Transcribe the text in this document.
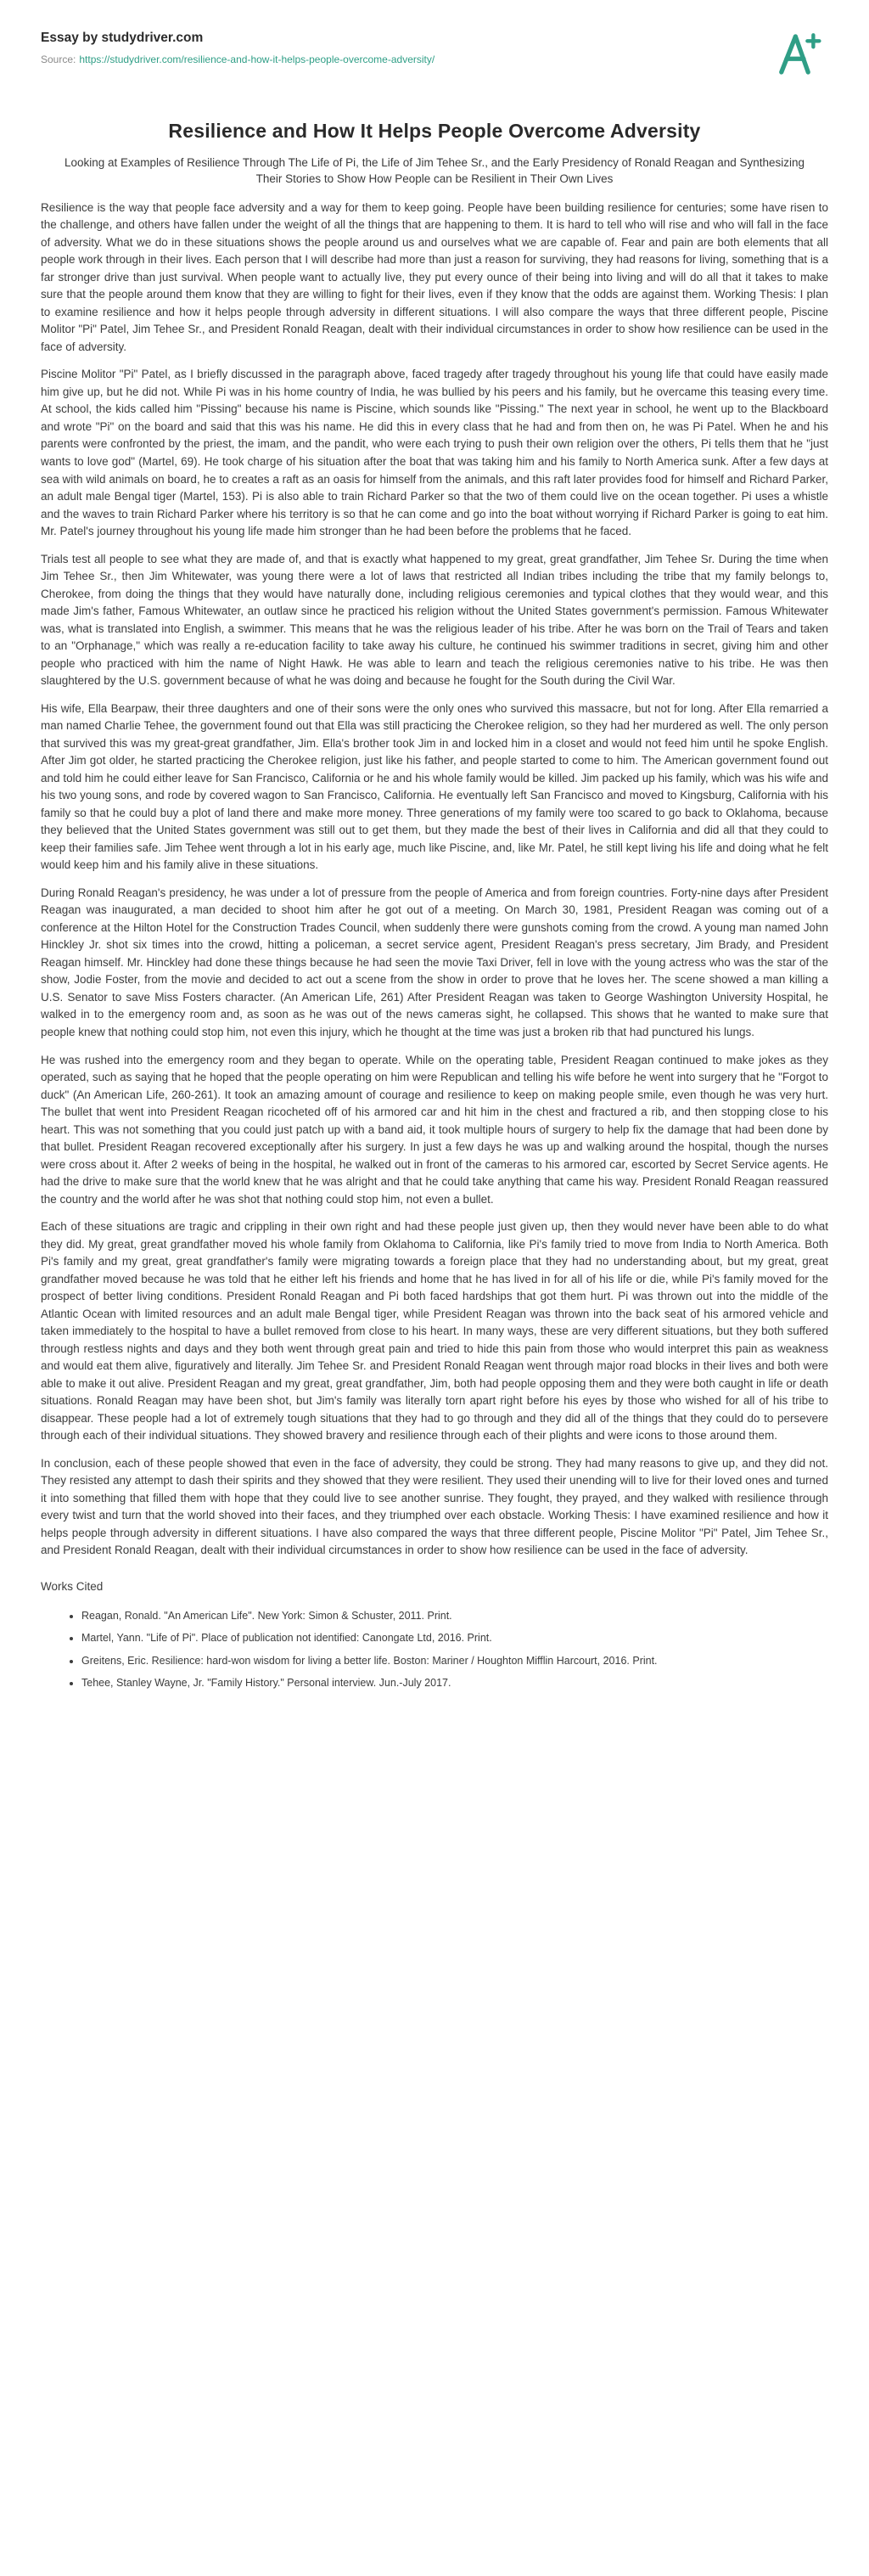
Essay by studydriver.com
Source: https://studydriver.com/resilience-and-how-it-helps-people-overcome-adversity/
Resilience and How It Helps People Overcome Adversity

Looking at Examples of Resilience Through The Life of Pi, the Life of Jim Tehee Sr., and the Early Presidency of Ronald Reagan and Synthesizing Their Stories to Show How People can be Resilient in Their Own Lives

Resilience is the way that people face adversity and a way for them to keep going. People have been building resilience for centuries; some have risen to the challenge, and others have fallen under the weight of all the things that are happening to them. It is hard to tell who will rise and who will fall in the face of adversity. What we do in these situations shows the people around us and ourselves what we are capable of. Fear and pain are both elements that all people work through in their lives. Each person that I will describe had more than just a reason for surviving, they had reasons for living, something that is a far stronger drive than just survival. When people want to actually live, they put every ounce of their being into living and will do all that it takes to make sure that the people around them know that they are willing to fight for their lives, even if they know that the odds are against them. Working Thesis: I plan to examine resilience and how it helps people through adversity in different situations. I will also compare the ways that three different people, Piscine Molitor "Pi" Patel, Jim Tehee Sr., and President Ronald Reagan, dealt with their individual circumstances in order to show how resilience can be used in the face of adversity.

Piscine Molitor "Pi" Patel, as I briefly discussed in the paragraph above, faced tragedy after tragedy throughout his young life that could have easily made him give up, but he did not. While Pi was in his home country of India, he was bullied by his peers and his family, but he overcame this teasing every time. At school, the kids called him "Pissing" because his name is Piscine, which sounds like "Pissing." The next year in school, he went up to the Blackboard and wrote "Pi" on the board and said that this was his name. He did this in every class that he had and from then on, he was Pi Patel. When he and his parents were confronted by the priest, the imam, and the pandit, who were each trying to push their own religion over the others, Pi tells them that he "just wants to love god" (Martel, 69). He took charge of his situation after the boat that was taking him and his family to North America sunk. After a few days at sea with wild animals on board, he to creates a raft as an oasis for himself from the animals, and this raft later provides food for himself and Richard Parker, an adult male Bengal tiger (Martel, 153). Pi is also able to train Richard Parker so that the two of them could live on the ocean together. Pi uses a whistle and the waves to train Richard Parker where his territory is so that he can come and go into the boat without worrying if Richard Parker is going to eat him. Mr. Patel's journey throughout his young life made him stronger than he had been before the problems that he faced.

Trials test all people to see what they are made of, and that is exactly what happened to my great, great grandfather, Jim Tehee Sr. During the time when Jim Tehee Sr., then Jim Whitewater, was young there were a lot of laws that restricted all Indian tribes including the tribe that my family belongs to, Cherokee, from doing the things that they would have naturally done, including religious ceremonies and typical clothes that they would wear, and this made Jim's father, Famous Whitewater, an outlaw since he practiced his religion without the United States government's permission. Famous Whitewater was, what is translated into English, a swimmer. This means that he was the religious leader of his tribe. After he was born on the Trail of Tears and taken to an "Orphanage," which was really a re-education facility to take away his culture, he continued his swimmer traditions in secret, giving him and other people who practiced with him the name of Night Hawk. He was able to learn and teach the religious ceremonies native to his tribe. He was then slaughtered by the U.S. government because of what he was doing and because he fought for the South during the Civil War.

His wife, Ella Bearpaw, their three daughters and one of their sons were the only ones who survived this massacre, but not for long. After Ella remarried a man named Charlie Tehee, the government found out that Ella was still practicing the Cherokee religion, so they had her murdered as well. The only person that survived this was my great-great grandfather, Jim. Ella's brother took Jim in and locked him in a closet and would not feed him until he spoke English. After Jim got older, he started practicing the Cherokee religion, just like his father, and people started to come to him. The American government found out and told him he could either leave for San Francisco, California or he and his whole family would be killed. Jim packed up his family, which was his wife and his two young sons, and rode by covered wagon to San Francisco, California. He eventually left San Francisco and moved to Kingsburg, California with his family so that he could buy a plot of land there and make more money. Three generations of my family were too scared to go back to Oklahoma, because they believed that the United States government was still out to get them, but they made the best of their lives in California and did all that they could to keep their families safe. Jim Tehee went through a lot in his early age, much like Piscine, and, like Mr. Patel, he still kept living his life and doing what he felt would keep him and his family alive in these situations.

During Ronald Reagan's presidency, he was under a lot of pressure from the people of America and from foreign countries. Forty-nine days after President Reagan was inaugurated, a man decided to shoot him after he got out of a meeting. On March 30, 1981, President Reagan was coming out of a conference at the Hilton Hotel for the Construction Trades Council, when suddenly there were gunshots coming from the crowd. A young man named John Hinckley Jr. shot six times into the crowd, hitting a policeman, a secret service agent, President Reagan's press secretary, Jim Brady, and President Reagan himself. Mr. Hinckley had done these things because he had seen the movie Taxi Driver, fell in love with the young actress who was the star of the show, Jodie Foster, from the movie and decided to act out a scene from the show in order to prove that he loves her. The scene showed a man killing a U.S. Senator to save Miss Fosters character. (An American Life, 261) After President Reagan was taken to George Washington University Hospital, he walked in to the emergency room and, as soon as he was out of the news cameras sight, he collapsed. This shows that he wanted to make sure that people knew that nothing could stop him, not even this injury, which he thought at the time was just a broken rib that had punctured his lungs.

He was rushed into the emergency room and they began to operate. While on the operating table, President Reagan continued to make jokes as they operated, such as saying that he hoped that the people operating on him were Republican and telling his wife before he went into surgery that he "Forgot to duck" (An American Life, 260-261). It took an amazing amount of courage and resilience to keep on making people smile, even though he was very hurt. The bullet that went into President Reagan ricocheted off of his armored car and hit him in the chest and fractured a rib, and then stopping close to his heart. This was not something that you could just patch up with a band aid, it took multiple hours of surgery to help fix the damage that had been done by that bullet. President Reagan recovered exceptionally after his surgery. In just a few days he was up and walking around the hospital, though the nurses were cross about it. After 2 weeks of being in the hospital, he walked out in front of the cameras to his armored car, escorted by Secret Service agents. He had the drive to make sure that the world knew that he was alright and that he could take anything that came his way. President Ronald Reagan reassured the country and the world after he was shot that nothing could stop him, not even a bullet.

Each of these situations are tragic and crippling in their own right and had these people just given up, then they would never have been able to do what they did. My great, great grandfather moved his whole family from Oklahoma to California, like Pi's family tried to move from India to North America. Both Pi's family and my great, great grandfather's family were migrating towards a foreign place that they had no understanding about, but my great, great grandfather moved because he was told that he either left his friends and home that he has lived in for all of his life or die, while Pi's family moved for the prospect of better living conditions. President Ronald Reagan and Pi both faced hardships that got them hurt. Pi was thrown out into the middle of the Atlantic Ocean with limited resources and an adult male Bengal tiger, while President Reagan was thrown into the back seat of his armored vehicle and taken immediately to the hospital to have a bullet removed from close to his heart. In many ways, these are very different situations, but they both suffered through restless nights and days and they both went through great pain and tried to hide this pain from those who would interpret this pain as weakness and would eat them alive, figuratively and literally. Jim Tehee Sr. and President Ronald Reagan went through major road blocks in their lives and both were able to make it out alive. President Reagan and my great, great grandfather, Jim, both had people opposing them and they were both caught in life or death situations. Ronald Reagan may have been shot, but Jim's family was literally torn apart right before his eyes by those who wished for all of his tribe to disappear. These people had a lot of extremely tough situations that they had to go through and they did all of the things that they could do to persevere through each of their individual situations. They showed bravery and resilience through each of their plights and were icons to those around them.

In conclusion, each of these people showed that even in the face of adversity, they could be strong. They had many reasons to give up, and they did not. They resisted any attempt to dash their spirits and they showed that they were resilient. They used their unending will to live for their loved ones and turned it into something that filled them with hope that they could live to see another sunrise. They fought, they prayed, and they walked with resilience through every twist and turn that the world shoved into their faces, and they triumphed over each obstacle. Working Thesis: I have examined resilience and how it helps people through adversity in different situations. I have also compared the ways that three different people, Piscine Molitor "Pi" Patel, Jim Tehee Sr., and President Ronald Reagan, dealt with their individual circumstances in order to show how resilience can be used in the face of adversity.

Works Cited
• Reagan, Ronald. "An American Life". New York: Simon & Schuster, 2011. Print.
• Martel, Yann. "Life of Pi". Place of publication not identified: Canongate Ltd, 2016. Print.
• Greitens, Eric. Resilience: hard-won wisdom for living a better life. Boston: Mariner / Houghton Mifflin Harcourt, 2016. Print.
• Tehee, Stanley Wayne, Jr. "Family History." Personal interview. Jun.-July 2017.
